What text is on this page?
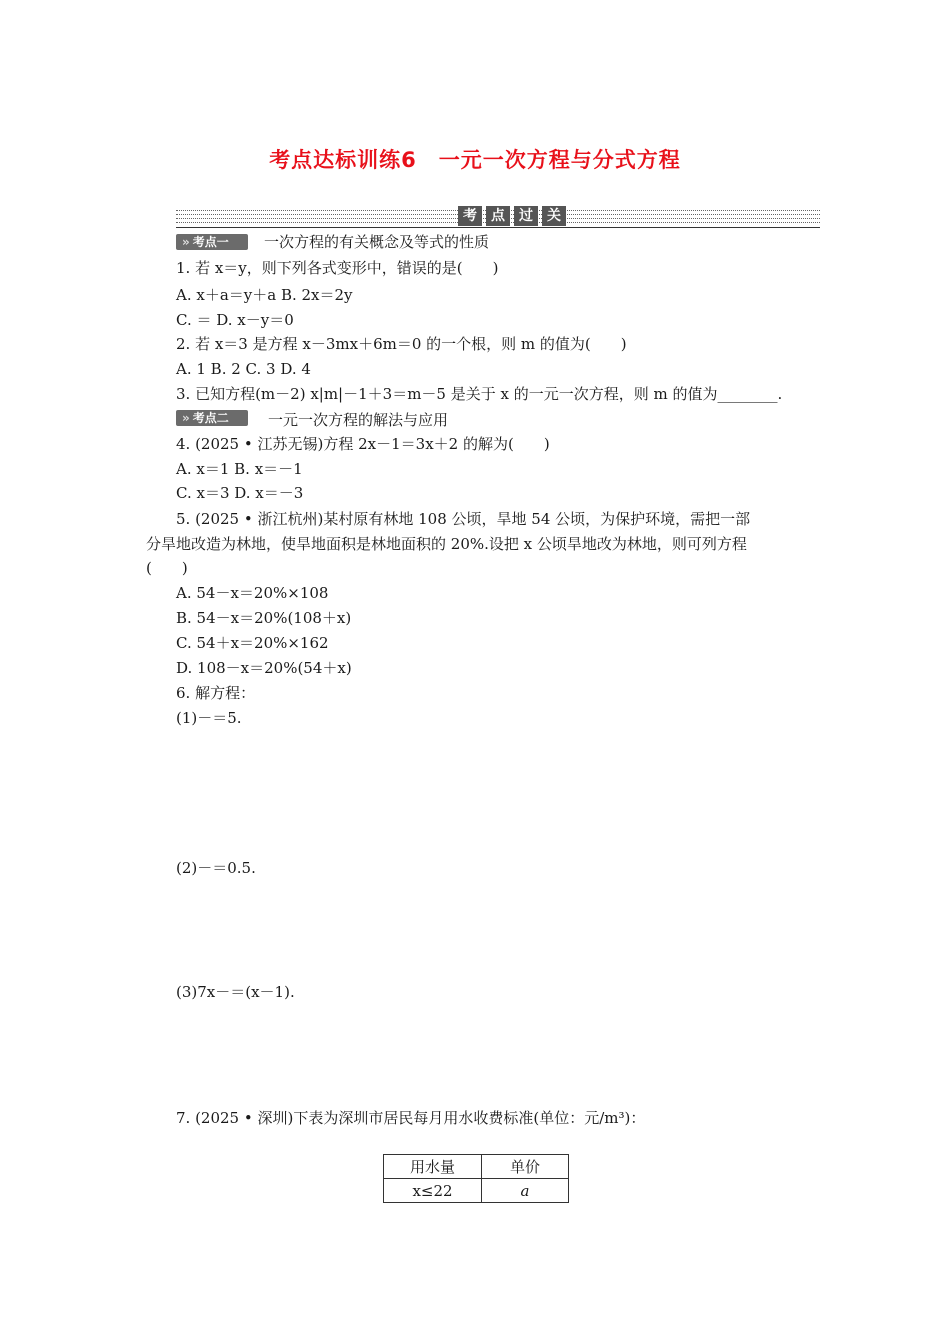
考点达标训练6　一元一次方程与分式方程
考	点	过	关
» 考点一	一次方程的有关概念及等式的性质
1. 若 x＝y，则下列各式变形中，错误的是(　　)
A. x＋a＝y＋a B. 2x＝2y
C. ＝ D. x－y＝0
2. 若 x＝3 是方程 x－3mx＋6m＝0 的一个根，则 m 的值为(　　)
A. 1 B. 2 C. 3 D. 4
3. 已知方程(m－2) x|m|－1＋3＝m－5 是关于 x 的一元一次方程，则 m 的值为________.
» 考点二	一元一次方程的解法与应用
4. (2025 • 江苏无锡)方程 2x－1＝3x＋2 的解为(　　)
A. x＝1 B. x＝－1
C. x＝3 D. x＝－3
5. (2025 • 浙江杭州)某村原有林地 108 公顷，旱地 54 公顷，为保护环境，需把一部
分旱地改造为林地，使旱地面积是林地面积的 20%.设把 x 公顷旱地改为林地，则可列方程
(　　)
A. 54－x＝20%×108
B. 54－x＝20%(108＋x)
C. 54＋x＝20%×162
D. 108－x＝20%(54＋x)
6. 解方程：
(1)－＝5.
(2)－＝0.5.
(3)7x－＝(x－1).
7. (2025 • 深圳)下表为深圳市居民每月用水收费标准(单位：元/m³)：
用水量	单价
x≤22	a
